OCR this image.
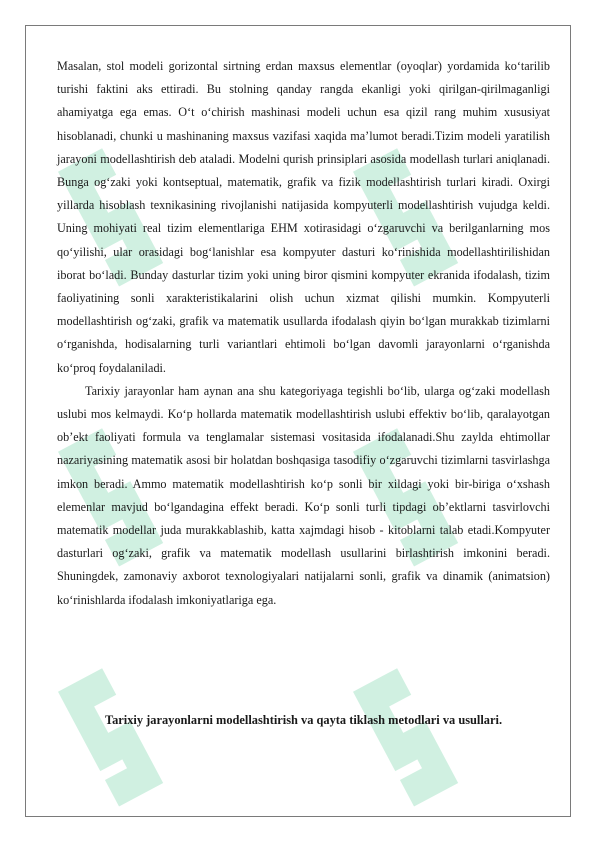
Masalan, stol modeli gorizontal sirtning erdan maxsus elementlar (oyoqlar) yordamida ko‘tarilib turishi faktini aks ettiradi. Bu stolning qanday rangda ekanligi yoki qirilgan-qirilmaganligi ahamiyatga ega emas. O‘t o‘chirish mashinasi modeli uchun esa qizil rang muhim xususiyat hisoblanadi, chunki u mashinaning maxsus vazifasi xaqida ma’lumot beradi.Tizim modeli yaratilish jarayoni modellashtirish deb ataladi. Modelni qurish prinsiplari asosida modellash turlari aniqlanadi. Bunga og‘zaki yoki kontseptual, matematik, grafik va fizik modellashtirish turlari kiradi. Oxirgi yillarda hisoblash texnikasining rivojlanishi natijasida kompyuterli modellashtirish vujudga keldi. Uning mohiyati real tizim elementlariga EHM xotirasidagi o‘zgaruvchi va berilganlarning mos qo‘yilishi, ular orasidagi bog‘lanishlar esa kompyuter dasturi ko‘rinishida modellashtirilishidan iborat bo‘ladi. Bunday dasturlar tizim yoki uning biror qismini kompyuter ekranida ifodalash, tizim faoliyatining sonli xarakteristikalarini olish uchun xizmat qilishi mumkin. Kompyuterli modellashtirish og‘zaki, grafik va matematik usullarda ifodalash qiyin bo‘lgan murakkab tizimlarni o‘rganishda, hodisalarning turli variantlari ehtimoli bo‘lgan davomli jarayonlarni o‘rganishda ko‘proq foydalaniladi.

Tarixiy jarayonlar ham aynan ana shu kategoriyaga tegishli bo‘lib, ularga og‘zaki modellash uslubi mos kelmaydi. Ko‘p hollarda matematik modellashtirish uslubi effektiv bo‘lib, qaralayotgan ob’ekt faoliyati formula va tenglamalar sistemasi vositasida ifodalanadi.Shu zaylda ehtimollar nazariyasining matematik asosi bir holatdan boshqasiga tasodifiy o‘zgaruvchi tizimlarni tasvirlashga imkon beradi. Ammo matematik modellashtirish ko‘p sonli bir xildagi yoki bir-biriga o‘xshash elemenlar mavjud bo‘lgandagina effekt beradi. Ko‘p sonli turli tipdagi ob’ektlarni tasvirlovchi matematik modellar juda murakkablashib, katta xajmdagi hisob - kitoblarni talab etadi.Kompyuter dasturlari og‘zaki, grafik va matematik modellash usullarini birlashtirish imkonini beradi. Shuningdek, zamonaviy axborot texnologiyalari natijalarni sonli, grafik va dinamik (animatsion) ko‘rinishlarda ifodalash imkoniyatlariga ega.

Tarixiy jarayonlarni modellashtirish va qayta tiklash metodlari va usullari.
